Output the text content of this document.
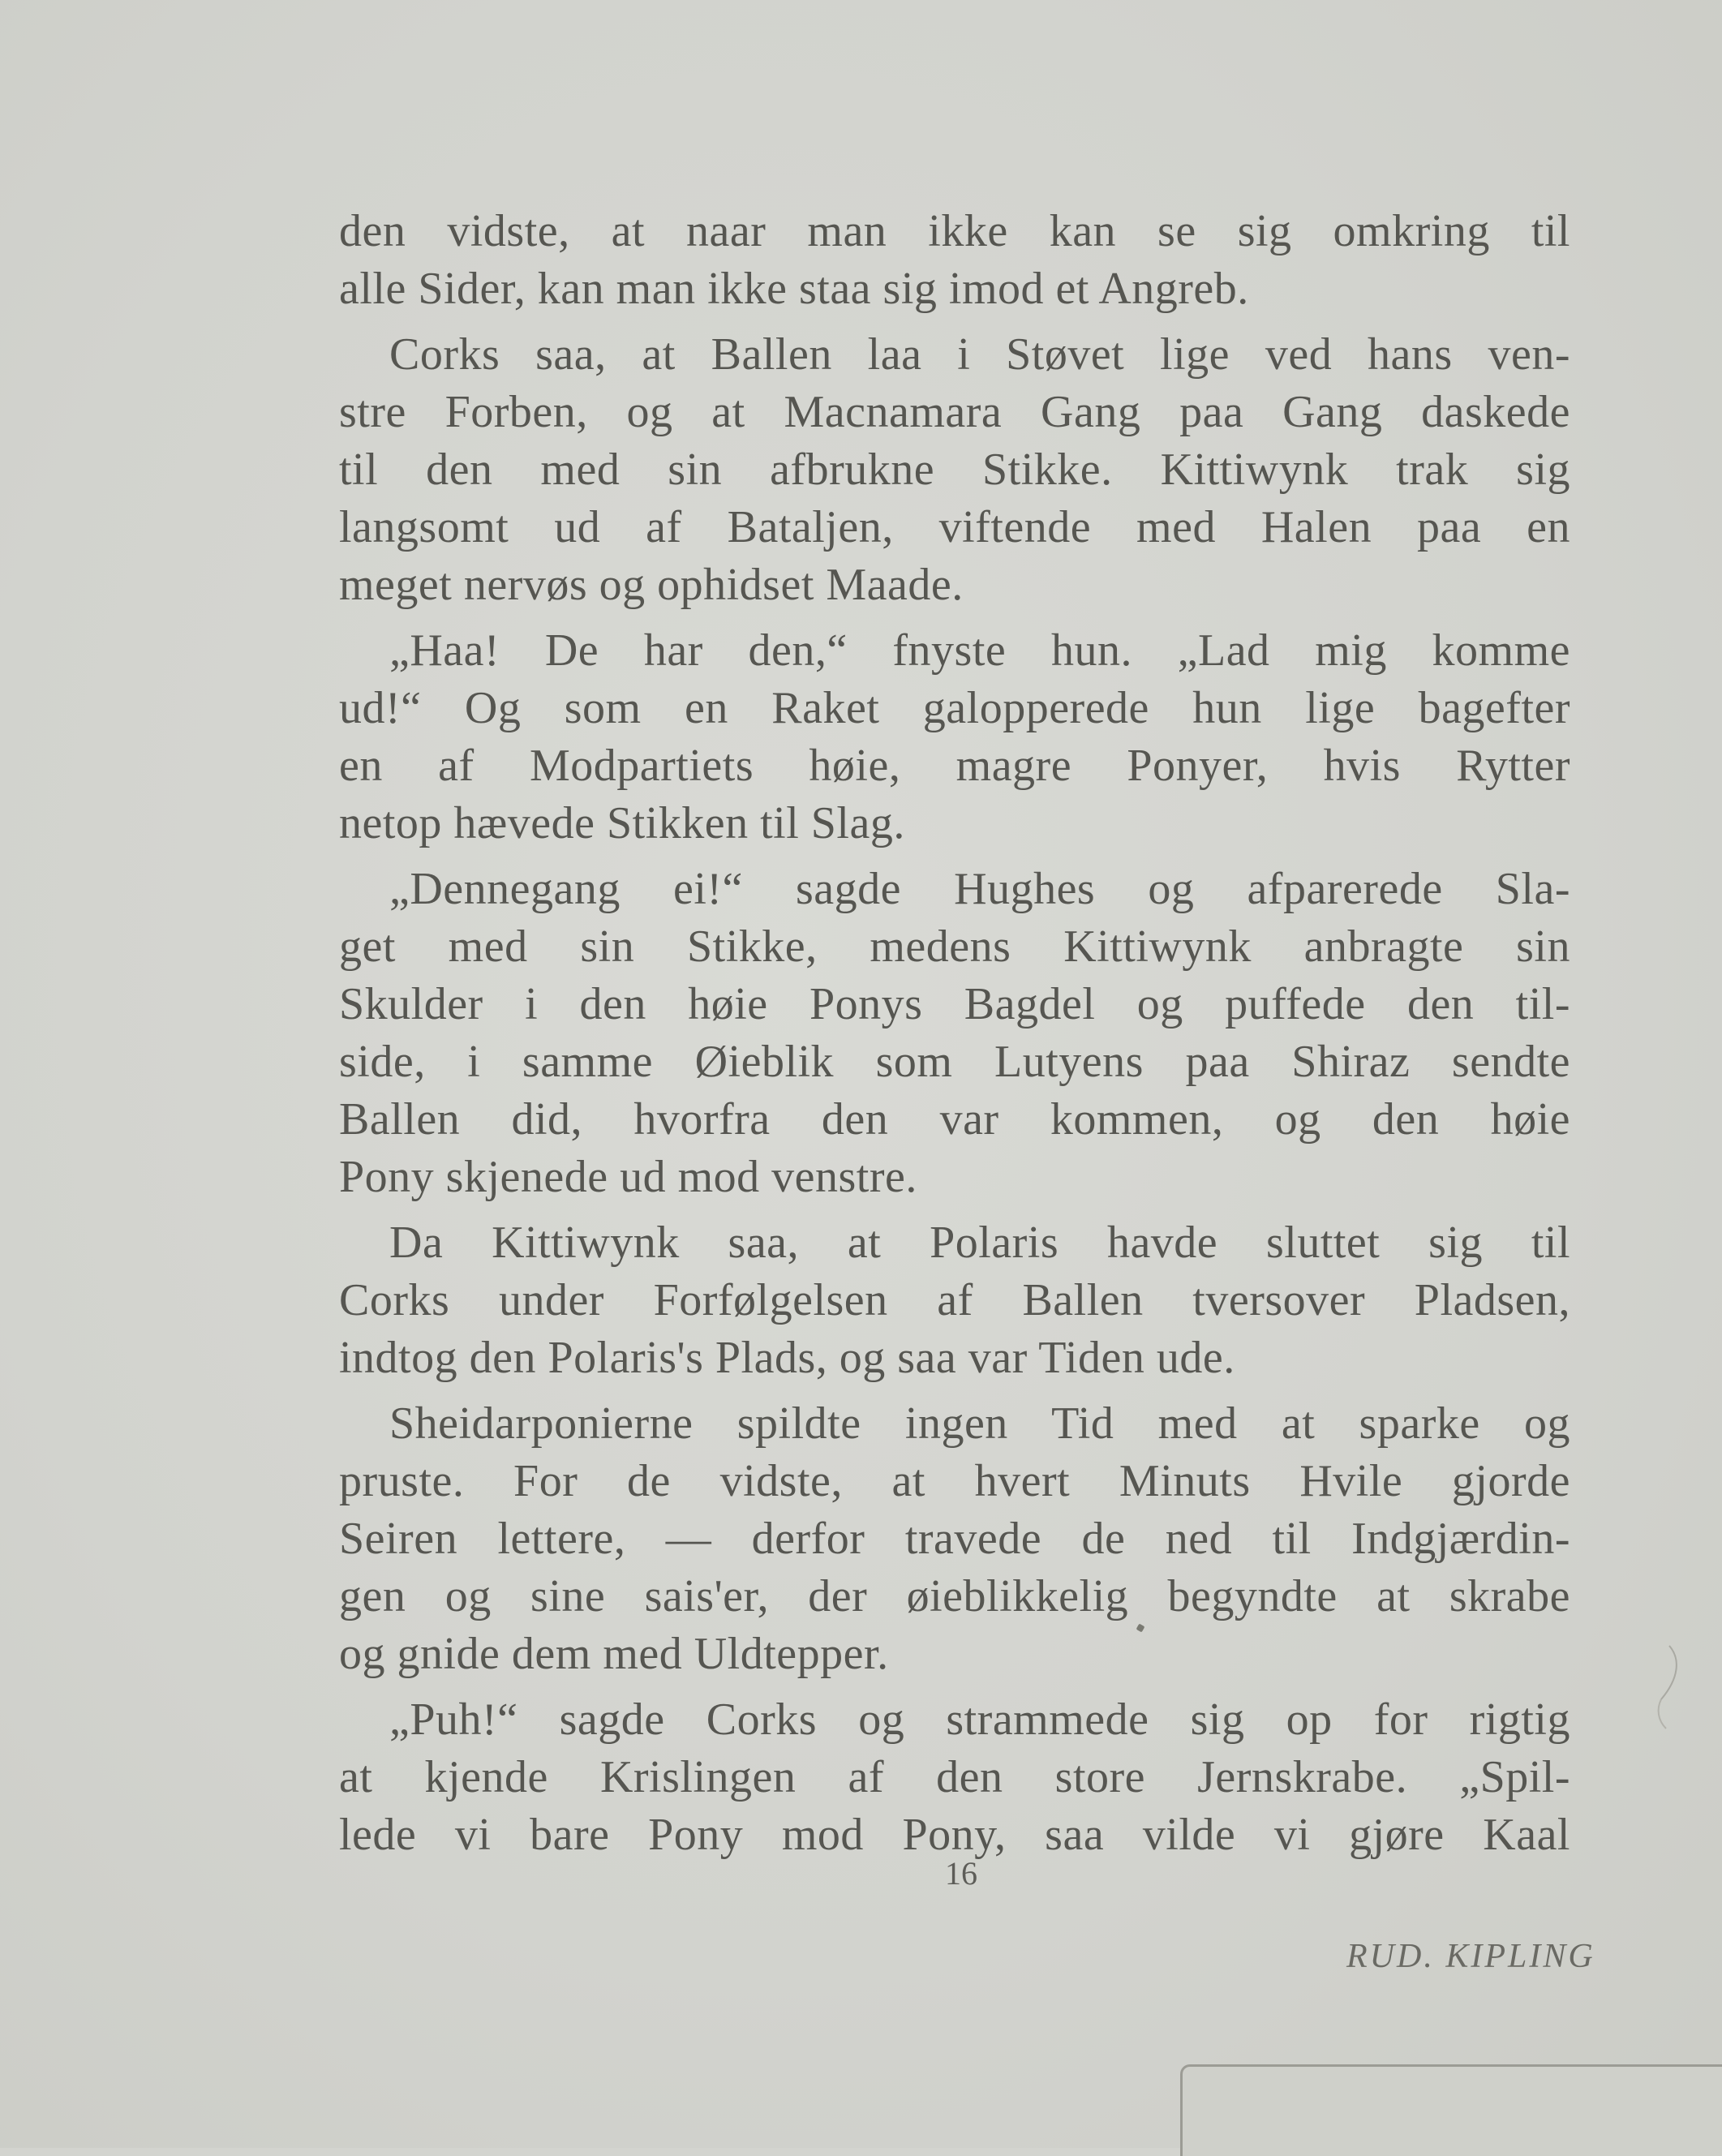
den vidste, at naar man ikke kan se sig omkring til
alle Sider, kan man ikke staa sig imod et Angreb.
Corks saa, at Ballen laa i Støvet lige ved hans ven-
stre Forben, og at Macnamara Gang paa Gang daskede
til den med sin afbrukne Stikke. Kittiwynk trak sig
langsomt ud af Bataljen, viftende med Halen paa en
meget nervøs og ophidset Maade.
„Haa! De har den,“ fnyste hun. „Lad mig komme
ud!“ Og som en Raket galopperede hun lige bagefter
en af Modpartiets høie, magre Ponyer, hvis Rytter
netop hævede Stikken til Slag.
„Dennegang ei!“ sagde Hughes og afparerede Sla-
get med sin Stikke, medens Kittiwynk anbragte sin
Skulder i den høie Ponys Bagdel og puffede den til-
side, i samme Øieblik som Lutyens paa Shiraz sendte
Ballen did, hvorfra den var kommen, og den høie
Pony skjenede ud mod venstre.
Da Kittiwynk saa, at Polaris havde sluttet sig til
Corks under Forfølgelsen af Ballen tversover Pladsen,
indtog den Polaris's Plads, og saa var Tiden ude.
Sheidarponierne spildte ingen Tid med at sparke og
pruste. For de vidste, at hvert Minuts Hvile gjorde
Seiren lettere, — derfor travede de ned til Indgjærdin-
gen og sine sais'er, der øieblikkelig begyndte at skrabe
og gnide dem med Uldtepper.
„Puh!“ sagde Corks og strammede sig op for rigtig
at kjende Krislingen af den store Jernskrabe. „Spil-
lede vi bare Pony mod Pony, saa vilde vi gjøre Kaal
16
RUD. KIPLING
